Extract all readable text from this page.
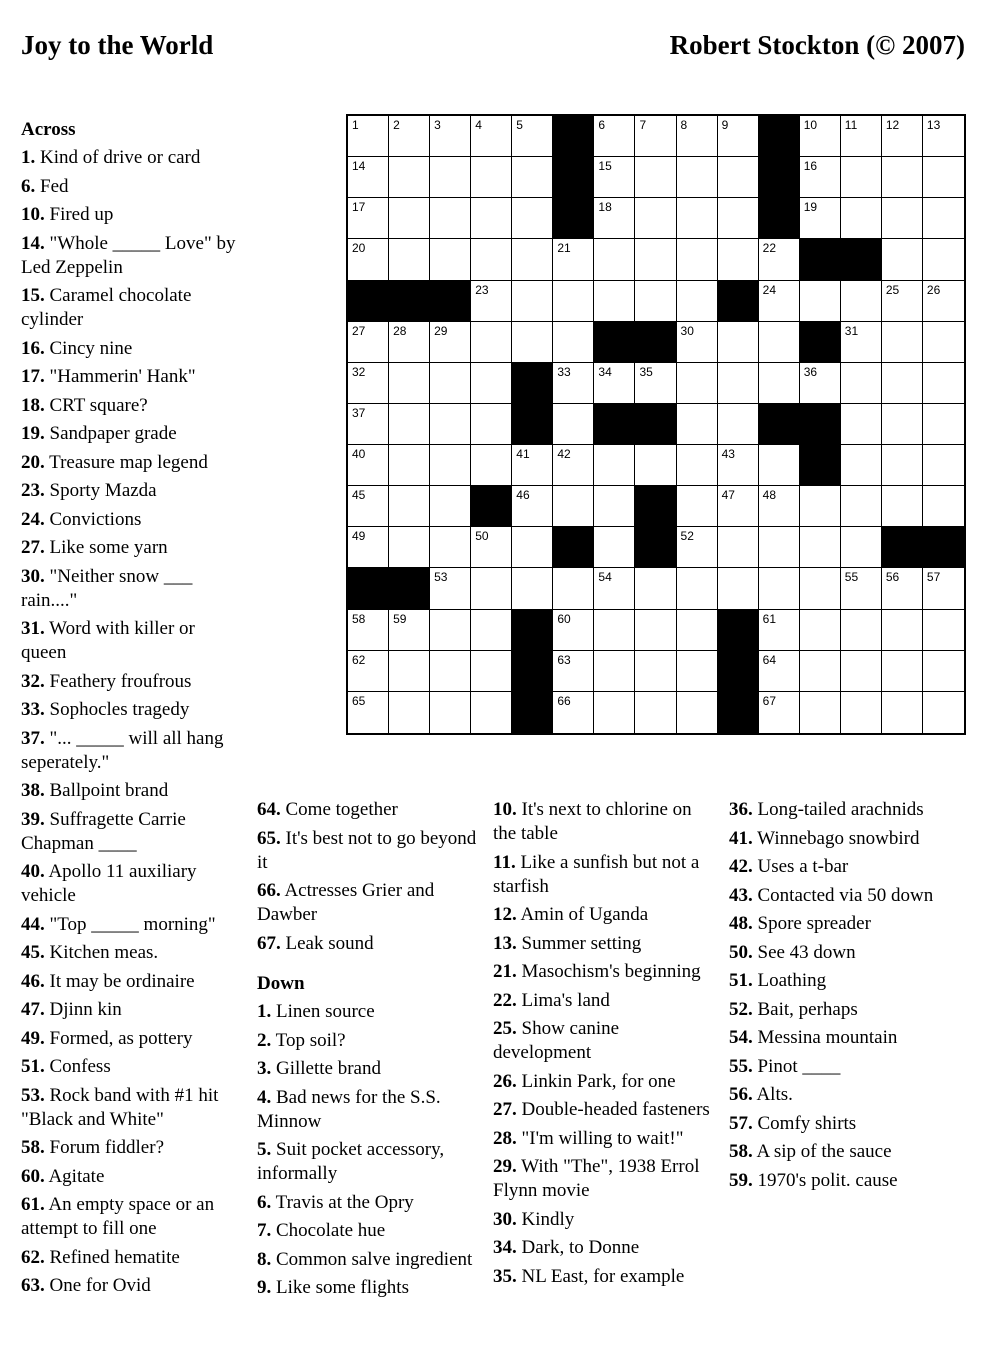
Joy to the World	Robert Stockton (© 2007)
1	2	3	4	5	6	7	8	9	10 11 12 13
14	15	16
17	18	19
20	21	22
23	24	25 26
27 28 29	30	31
32	33 34 35	36
37
40	41 42	43
45	46	47 48
49	50	52
53	54	55 56 57
58 59	60	61
62	63	64
65	66	67
Across
1. Kind of drive or card
6. Fed
10. Fired up
14. "Whole _____ Love" by Led Zeppelin
15. Caramel chocolate cylinder
16. Cincy nine
17. "Hammerin' Hank"
18. CRT square?
19. Sandpaper grade
20. Treasure map legend
23. Sporty Mazda
24. Convictions
27. Like some yarn
30. "Neither snow ___ rain...."
31. Word with killer or queen
32. Feathery froufrous
33. Sophocles tragedy
37. "... _____ will all hang seperately."
38. Ballpoint brand
39. Suffragette Carrie Chapman ____
40. Apollo 11 auxiliary vehicle
44. "Top _____ morning"
45. Kitchen meas.
46. It may be ordinaire
47. Djinn kin
49. Formed, as pottery
51. Confess
53. Rock band with #1 hit "Black and White"
58. Forum fiddler?
60. Agitate
61. An empty space or an attempt to fill one
62. Refined hematite
63. One for Ovid
64. Come together
65. It's best not to go beyond it
66. Actresses Grier and Dawber
67. Leak sound
Down
1. Linen source
2. Top soil?
3. Gillette brand
4. Bad news for the S.S. Minnow
5. Suit pocket accessory, informally
6. Travis at the Opry
7. Chocolate hue
8. Common salve ingredient
9. Like some flights
10. It's next to chlorine on the table
11. Like a sunfish but not a starfish
12. Amin of Uganda
13. Summer setting
21. Masochism's beginning
22. Lima's land
25. Show canine development
26. Linkin Park, for one
27. Double-headed fasteners
28. "I'm willing to wait!"
29. With "The", 1938 Errol Flynn movie
30. Kindly
34. Dark, to Donne
35. NL East, for example
36. Long-tailed arachnids
41. Winnebago snowbird
42. Uses a t-bar
43. Contacted via 50 down
48. Spore spreader
50. See 43 down
51. Loathing
52. Bait, perhaps
54. Messina mountain
55. Pinot ____
56. Alts.
57. Comfy shirts
58. A sip of the sauce
59. 1970's polit. cause
